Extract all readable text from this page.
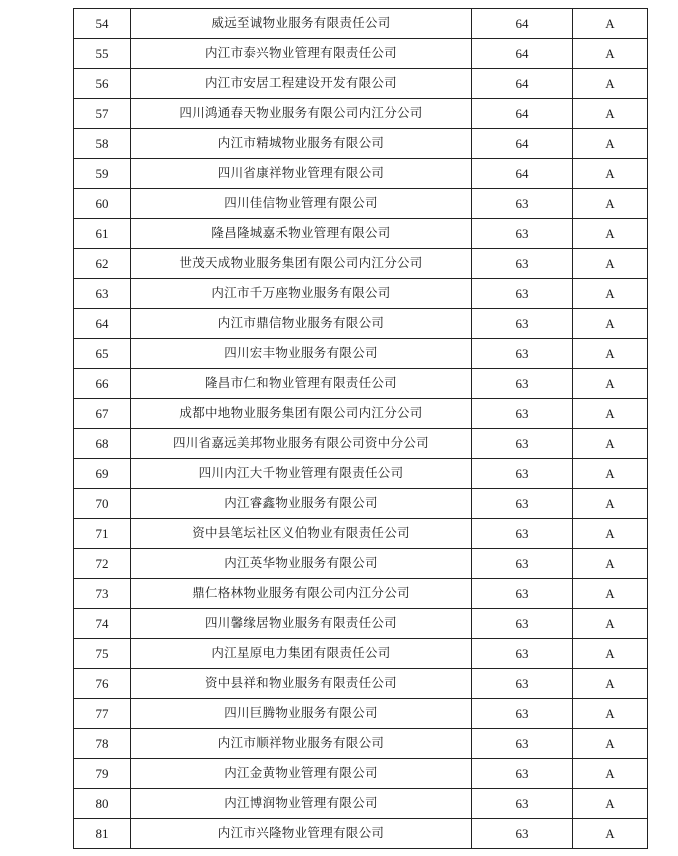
54	威远至诚物业服务有限责任公司	64	A
55	内江市泰兴物业管理有限责任公司	64	A
56	内江市安居工程建设开发有限公司	64	A
57	四川鸿通春天物业服务有限公司内江分公司	64	A
58	内江市精城物业服务有限公司	64	A
59	四川省康祥物业管理有限公司	64	A
60	四川佳信物业管理有限公司	63	A
61	隆昌隆城嘉禾物业管理有限公司	63	A
62	世茂天成物业服务集团有限公司内江分公司	63	A
63	内江市千万座物业服务有限公司	63	A
64	内江市鼎信物业服务有限公司	63	A
65	四川宏丰物业服务有限公司	63	A
66	隆昌市仁和物业管理有限责任公司	63	A
67	成都中地物业服务集团有限公司内江分公司	63	A
68	四川省嘉远美邦物业服务有限公司资中分公司	63	A
69	四川内江大千物业管理有限责任公司	63	A
70	内江睿鑫物业服务有限公司	63	A
71	资中县笔坛社区义伯物业有限责任公司	63	A
72	内江英华物业服务有限公司	63	A
73	鼎仁格林物业服务有限公司内江分公司	63	A
74	四川馨缘居物业服务有限责任公司	63	A
75	内江星原电力集团有限责任公司	63	A
76	资中县祥和物业服务有限责任公司	63	A
77	四川巨腾物业服务有限公司	63	A
78	内江市顺祥物业服务有限公司	63	A
79	内江金黄物业管理有限公司	63	A
80	内江博润物业管理有限公司	63	A
81	内江市兴隆物业管理有限公司	63	A
